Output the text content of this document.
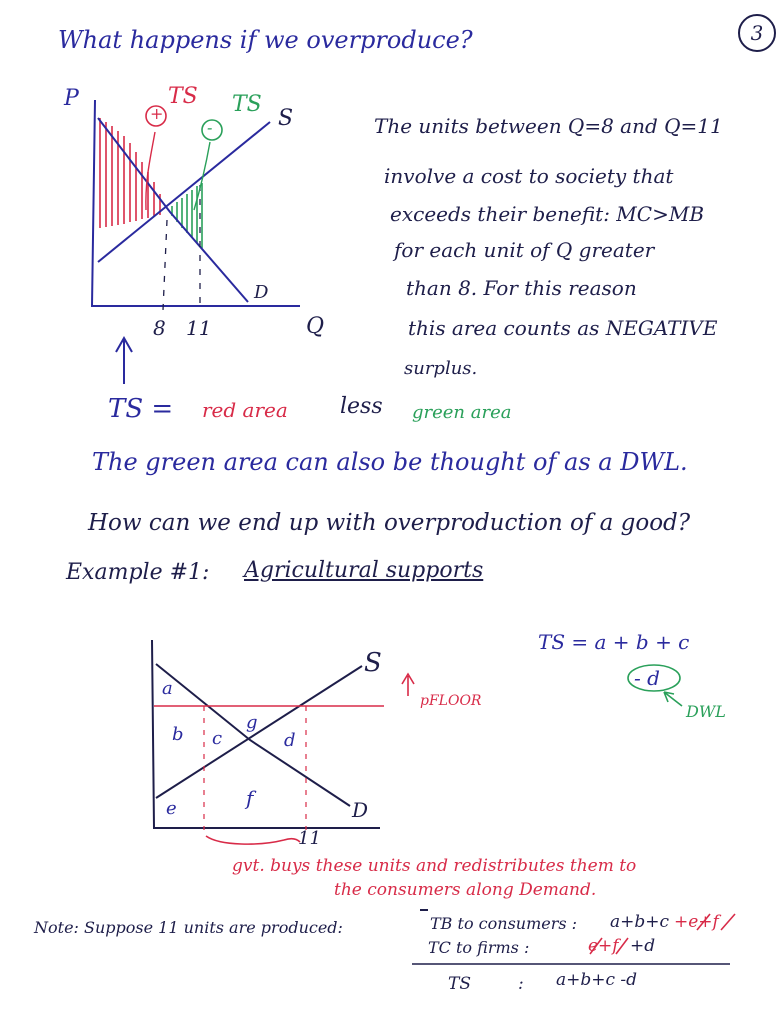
3
What happens if we overproduce?
P
S
D
Q
8 11
+
TS
-
TS
The units between Q=8 and Q=11
involve a cost to society that
exceeds their benefit: MC>MB
for each unit of Q greater
than 8. For this reason
this area counts as NEGATIVE
surplus.
TS = red area less green area
The green area can also be thought of as a DWL.
How can we end up with overproduction of a good?
Example #1: Agricultural supports
S
D
pFLOOR
11
a
b c
g
d
e	f
TS = a + b + c
- d
DWL
gvt. buys these units and redistributes them to
the consumers along Demand.
Note: Suppose 11 units are produced:	TB to consumers : a+b+c +e+f
TC to firms :	e+f +d
TS	: a+b+c -d
